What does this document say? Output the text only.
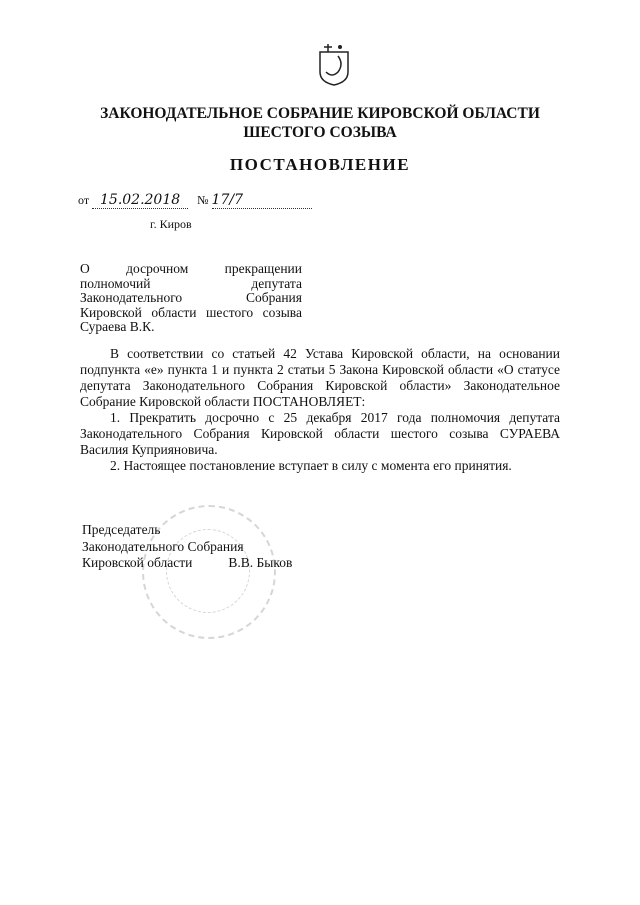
ЗАКОНОДАТЕЛЬНОЕ СОБРАНИЕ КИРОВСКОЙ ОБЛАСТИ
ШЕСТОГО СОЗЫВА
ПОСТАНОВЛЕНИЕ
от 15.02.2018 № 17/7
г. Киров
О досрочном прекращении полномочий депутата Законодательного Собрания Кировской области шестого созыва Сураева В.К.

В соответствии со статьей 42 Устава Кировской области, на основании подпункта «е» пункта 1 и пункта 2 статьи 5 Закона Кировской области «О статусе депутата Законодательного Собрания Кировской области» Законодательное Собрание Кировской области ПОСТАНОВЛЯЕТ:

1. Прекратить досрочно с 25 декабря 2017 года полномочия депутата Законодательного Собрания Кировской области шестого созыва СУРАЕВА Василия Куприяновича.

2. Настоящее постановление вступает в силу с момента его принятия.

Председатель
Законодательного Собрания
Кировской области	В.В. Быков
